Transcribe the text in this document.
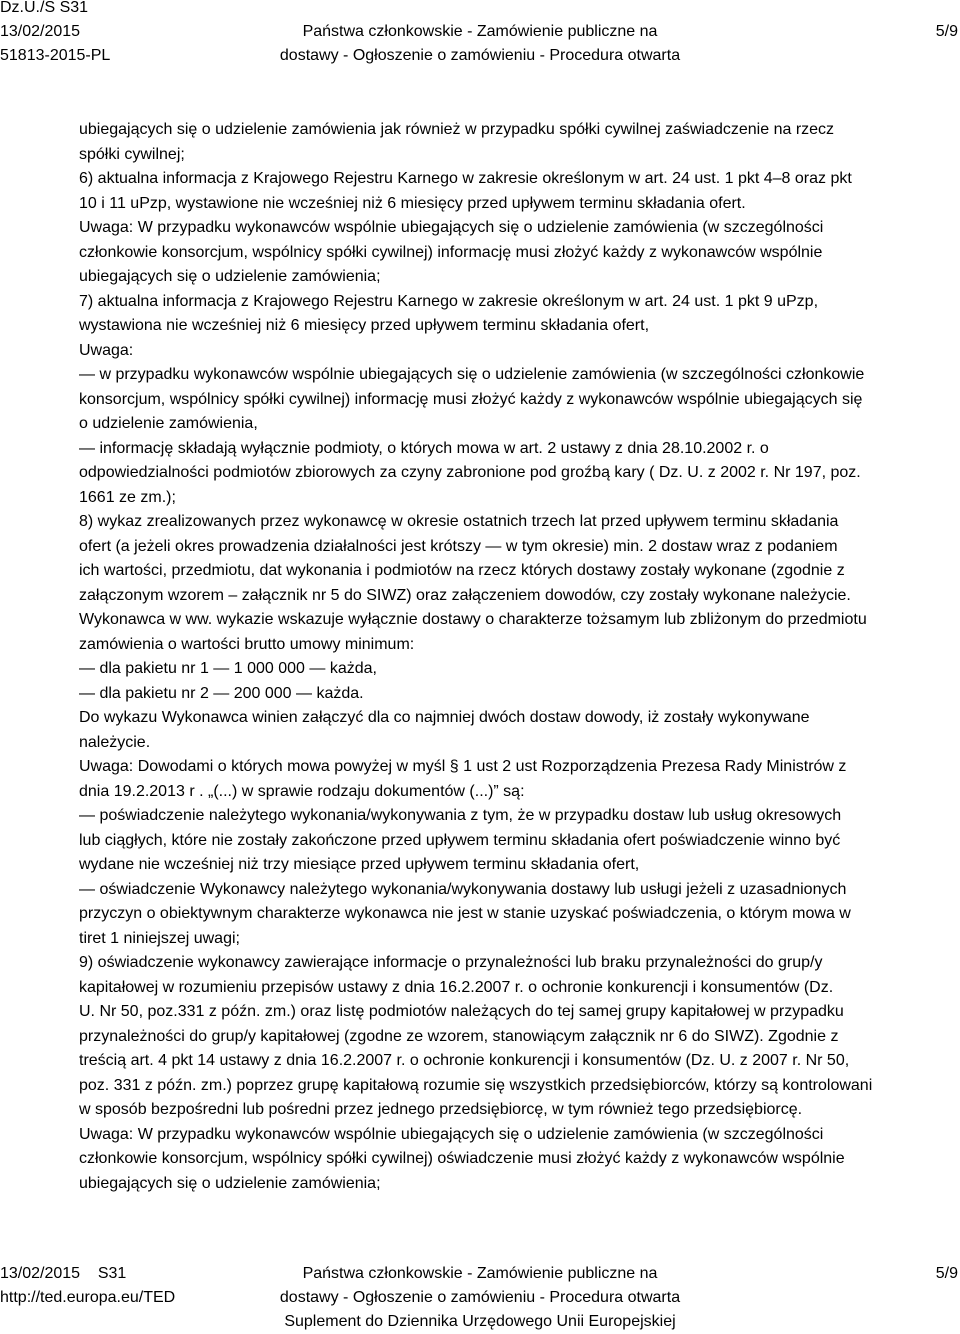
Dz.U./S S31
13/02/2015
51813-2015-PL
Państwa członkowskie - Zamówienie publiczne na
dostawy - Ogłoszenie o zamówieniu - Procedura otwarta
5/9
ubiegających się o udzielenie zamówienia jak również w przypadku spółki cywilnej zaświadczenie na rzecz
spółki cywilnej;
6) aktualna informacja z Krajowego Rejestru Karnego w zakresie określonym w art. 24 ust. 1 pkt 4–8 oraz pkt
10 i 11 uPzp, wystawione nie wcześniej niż 6 miesięcy przed upływem terminu składania ofert.
Uwaga: W przypadku wykonawców wspólnie ubiegających się o udzielenie zamówienia (w szczególności
członkowie konsorcjum, wspólnicy spółki cywilnej) informację musi złożyć każdy z wykonawców wspólnie
ubiegających się o udzielenie zamówienia;
7) aktualna informacja z Krajowego Rejestru Karnego w zakresie określonym w art. 24 ust. 1 pkt 9 uPzp,
wystawiona nie wcześniej niż 6 miesięcy przed upływem terminu składania ofert,
Uwaga:
— w przypadku wykonawców wspólnie ubiegających się o udzielenie zamówienia (w szczególności członkowie
konsorcjum, wspólnicy spółki cywilnej) informację musi złożyć każdy z wykonawców wspólnie ubiegających się
o udzielenie zamówienia,
— informację składają wyłącznie podmioty, o których mowa w art. 2 ustawy z dnia 28.10.2002 r. o
odpowiedzialności podmiotów zbiorowych za czyny zabronione pod groźbą kary ( Dz. U. z 2002 r. Nr 197, poz.
1661 ze zm.);
8) wykaz zrealizowanych przez wykonawcę w okresie ostatnich trzech lat przed upływem terminu składania
ofert (a jeżeli okres prowadzenia działalności jest krótszy — w tym okresie) min. 2 dostaw wraz z podaniem
ich wartości, przedmiotu, dat wykonania i podmiotów na rzecz których dostawy zostały wykonane (zgodnie z
załączonym wzorem – załącznik nr 5 do SIWZ) oraz załączeniem dowodów, czy zostały wykonane należycie.
Wykonawca w ww. wykazie wskazuje wyłącznie dostawy o charakterze tożsamym lub zbliżonym do przedmiotu
zamówienia o wartości brutto umowy minimum:
— dla pakietu nr 1 — 1 000 000 — każda,
— dla pakietu nr 2 — 200 000 — każda.
Do wykazu Wykonawca winien załączyć dla co najmniej dwóch dostaw dowody, iż zostały wykonywane
należycie.
Uwaga: Dowodami o których mowa powyżej w myśl § 1 ust 2 ust Rozporządzenia Prezesa Rady Ministrów z
dnia 19.2.2013 r . „(...) w sprawie rodzaju dokumentów (...)” są:
— poświadczenie należytego wykonania/wykonywania z tym, że w przypadku dostaw lub usług okresowych
lub ciągłych, które nie zostały zakończone przed upływem terminu składania ofert poświadczenie winno być
wydane nie wcześniej niż trzy miesiące przed upływem terminu składania ofert,
— oświadczenie Wykonawcy należytego wykonania/wykonywania dostawy lub usługi jeżeli z uzasadnionych
przyczyn o obiektywnym charakterze wykonawca nie jest w stanie uzyskać poświadczenia, o którym mowa w
tiret 1 niniejszej uwagi;
9) oświadczenie wykonawcy zawierające informacje o przynależności lub braku przynależności do grup/y
kapitałowej w rozumieniu przepisów ustawy z dnia 16.2.2007 r. o ochronie konkurencji i konsumentów (Dz.
U. Nr 50, poz.331 z późn. zm.) oraz listę podmiotów należących do tej samej grupy kapitałowej w przypadku
przynależności do grup/y kapitałowej (zgodne ze wzorem, stanowiącym załącznik nr 6 do SIWZ). Zgodnie z
treścią art. 4 pkt 14 ustawy z dnia 16.2.2007 r. o ochronie konkurencji i konsumentów (Dz. U. z 2007 r. Nr 50,
poz. 331 z późn. zm.) poprzez grupę kapitałową rozumie się wszystkich przedsiębiorców, którzy są kontrolowani
w sposób bezpośredni lub pośredni przez jednego przedsiębiorcę, w tym również tego przedsiębiorcę.
Uwaga: W przypadku wykonawców wspólnie ubiegających się o udzielenie zamówienia (w szczególności
członkowie konsorcjum, wspólnicy spółki cywilnej) oświadczenie musi złożyć każdy z wykonawców wspólnie
ubiegających się o udzielenie zamówienia;
13/02/2015    S31
http://ted.europa.eu/TED
Państwa członkowskie - Zamówienie publiczne na
dostawy - Ogłoszenie o zamówieniu - Procedura otwarta
Suplement do Dziennika Urzędowego Unii Europejskiej
5/9
